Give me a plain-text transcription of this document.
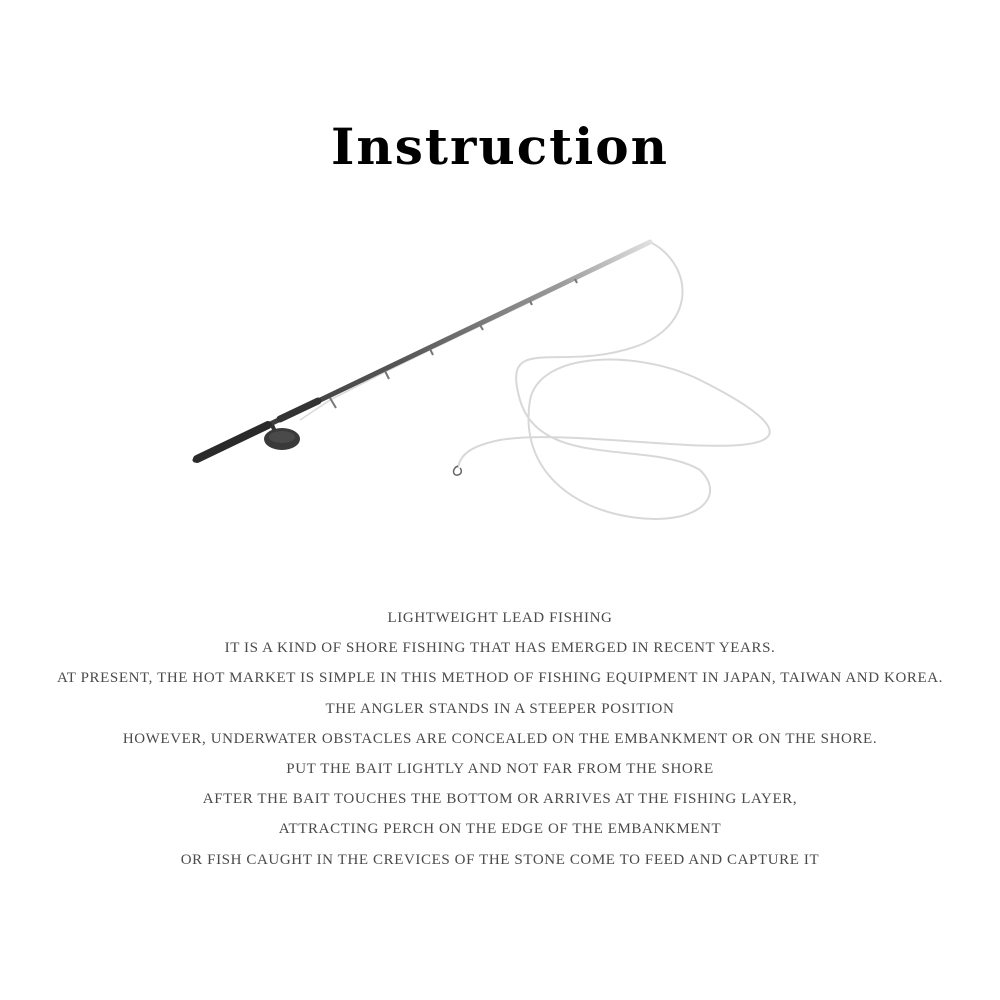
Instruction
LIGHTWEIGHT LEAD FISHING
IT IS A KIND OF SHORE FISHING THAT HAS EMERGED IN RECENT YEARS.
AT PRESENT, THE HOT MARKET IS SIMPLE IN THIS METHOD OF FISHING EQUIPMENT IN JAPAN, TAIWAN AND KOREA.
THE ANGLER STANDS IN A STEEPER POSITION
HOWEVER, UNDERWATER OBSTACLES ARE CONCEALED ON THE EMBANKMENT OR ON THE SHORE.
PUT THE BAIT LIGHTLY AND NOT FAR FROM THE SHORE
AFTER THE BAIT TOUCHES THE BOTTOM OR ARRIVES AT THE FISHING LAYER,
ATTRACTING PERCH ON THE EDGE OF THE EMBANKMENT
OR FISH CAUGHT IN THE CREVICES OF THE STONE COME TO FEED AND CAPTURE IT
